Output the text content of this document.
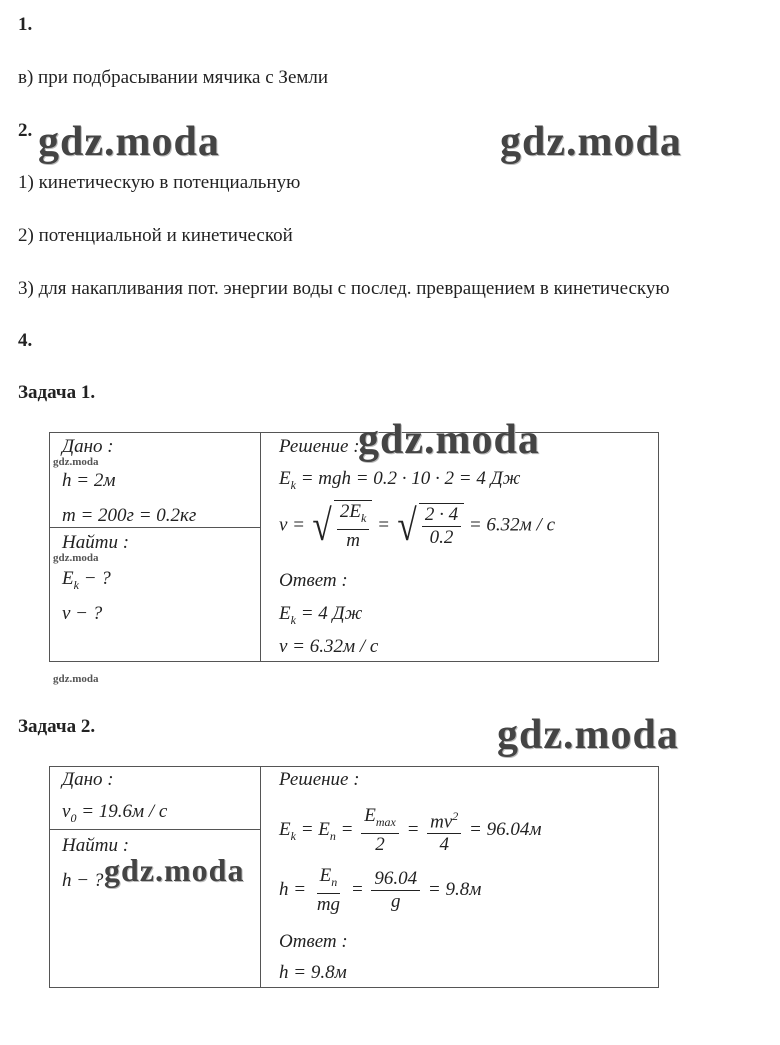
1.
в) при подбрасывании мячика с Земли
2. gdz.moda	gdz.moda
1) кинетическую в потенциальную
2) потенциальной и кинетической
3) для накапливания пот. энергии воды с послед. превращением в кинетическую
4.
Задача 1.
Дано :
gdz.moda
h = 2м
m = 200г = 0.2кг
Найти :
gdz.moda
$E_k$ − ?
v − ?
Решение :
gdz.moda
$E_k$ = mgh = 0.2 · 10 · 2 = 4 Дж
v = √ $\frac{2E_k}{m}$ = √ $\frac{2 \cdot 4}{0.2} = 6.32м / с$
Ответ :
$E_k = 4$ Дж
v = 6.32м / с
gdz.moda
Задача 2.	gdz.moda
Дано :
$v_0 = 19.6м / с$
Найти :
h − ? gdz.moda
Решение :
$E_k = E_п = \frac{E_{max}}{2} = \frac{mv^2}{4} = 96.04м$
$h = \frac{E_п}{mg} = \frac{96.04}{g} = 9.8м$
Ответ :
h = 9.8м
